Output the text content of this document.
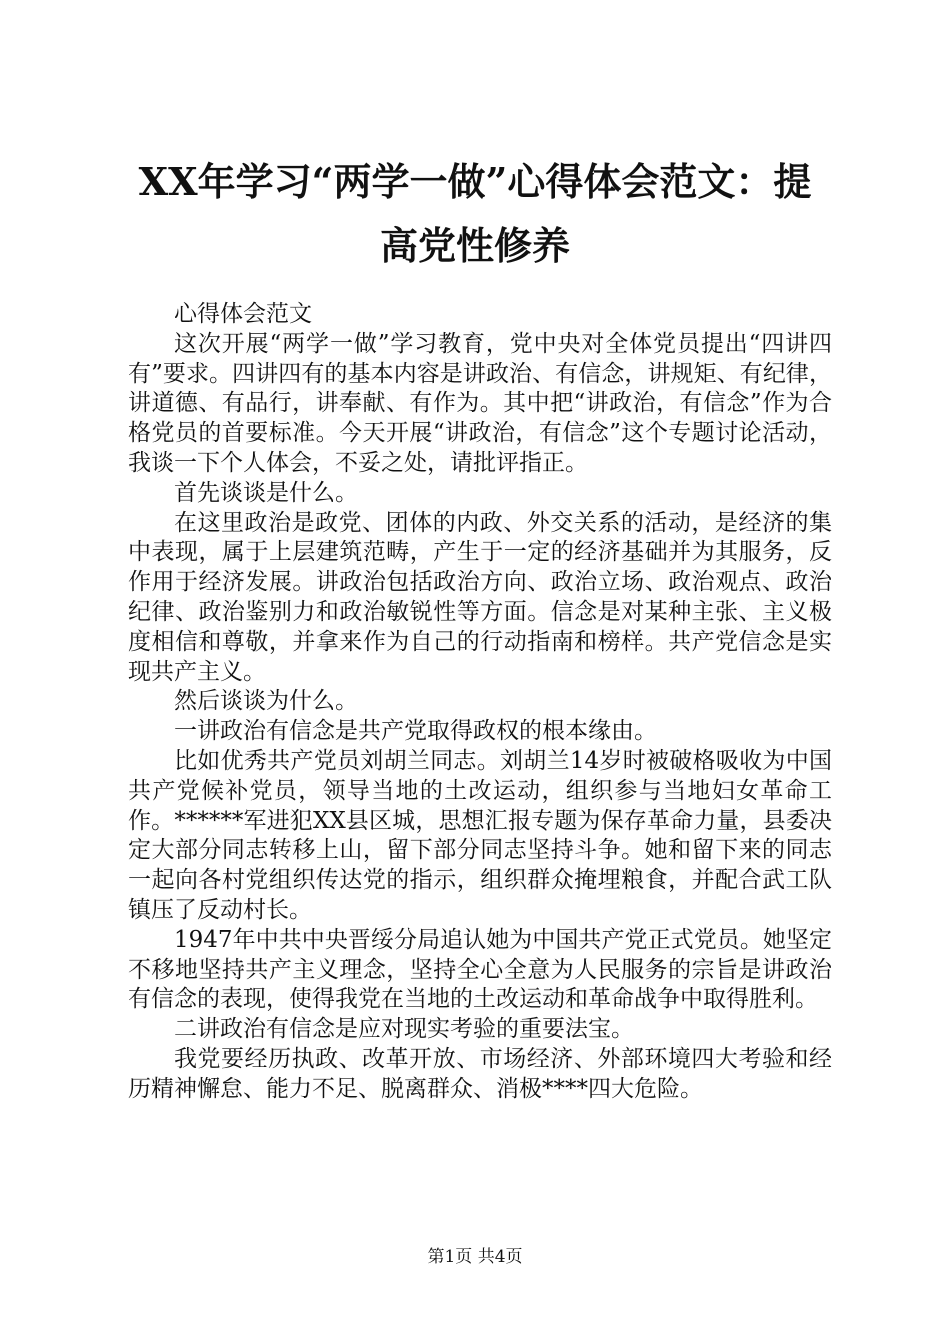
XX年学习“两学一做”心得体会范文：提高党性修养

心得体会范文

这次开展“两学一做”学习教育，党中央对全体党员提出“四讲四有”要求。四讲四有的基本内容是讲政治、有信念，讲规矩、有纪律，讲道德、有品行，讲奉献、有作为。其中把“讲政治，有信念”作为合格党员的首要标准。今天开展“讲政治，有信念”这个专题讨论活动，我谈一下个人体会，不妥之处，请批评指正。

首先谈谈是什么。

在这里政治是政党、团体的内政、外交关系的活动，是经济的集中表现，属于上层建筑范畴，产生于一定的经济基础并为其服务，反作用于经济发展。讲政治包括政治方向、政治立场、政治观点、政治纪律、政治鉴别力和政治敏锐性等方面。信念是对某种主张、主义极度相信和尊敬，并拿来作为自己的行动指南和榜样。共产党信念是实现共产主义。

然后谈谈为什么。

一讲政治有信念是共产党取得政权的根本缘由。

比如优秀共产党员刘胡兰同志。刘胡兰14岁时被破格吸收为中国共产党候补党员，领导当地的土改运动，组织参与当地妇女革命工作。******军进犯XX县区城，思想汇报专题为保存革命力量，县委决定大部分同志转移上山，留下部分同志坚持斗争。她和留下来的同志一起向各村党组织传达党的指示，组织群众掩埋粮食，并配合武工队镇压了反动村长。

1947年中共中央晋绥分局追认她为中国共产党正式党员。她坚定不移地坚持共产主义理念，坚持全心全意为人民服务的宗旨是讲政治有信念的表现，使得我党在当地的土改运动和革命战争中取得胜利。

二讲政治有信念是应对现实考验的重要法宝。

我党要经历执政、改革开放、市场经济、外部环境四大考验和经历精神懈怠、能力不足、脱离群众、消极****四大危险。

第1页 共4页
